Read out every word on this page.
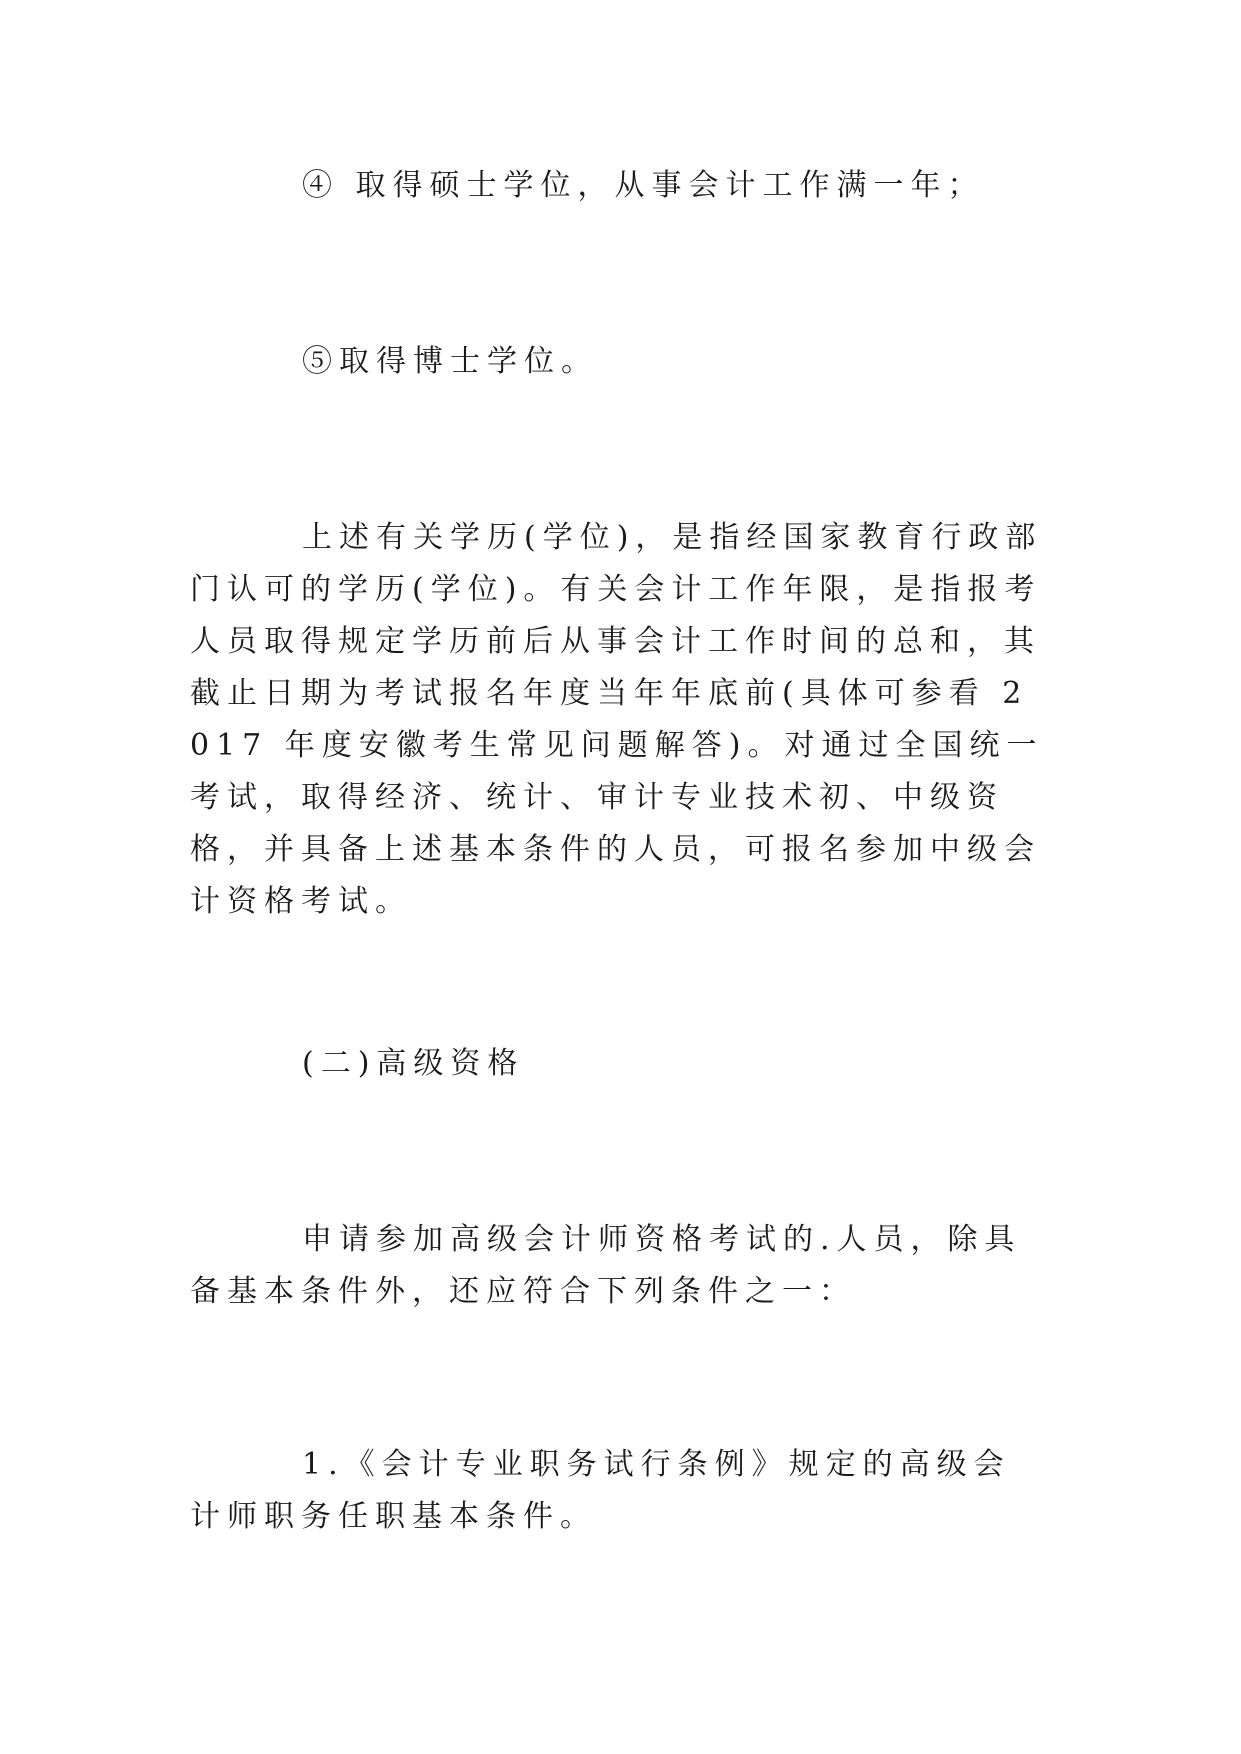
④ 取得硕士学位，从事会计工作满一年；

⑤取得博士学位。

上述有关学历(学位)，是指经国家教育行政部门认可的学历(学位)。有关会计工作年限，是指报考人员取得规定学历前后从事会计工作时间的总和，其截止日期为考试报名年度当年年底前(具体可参看 2017 年度安徽考生常见问题解答)。对通过全国统一考试，取得经济、统计、审计专业技术初、中级资格，并具备上述基本条件的人员，可报名参加中级会计资格考试。

(二)高级资格

申请参加高级会计师资格考试的.人员，除具备基本条件外，还应符合下列条件之一：

1.《会计专业职务试行条例》规定的高级会计师职务任职基本条件。
